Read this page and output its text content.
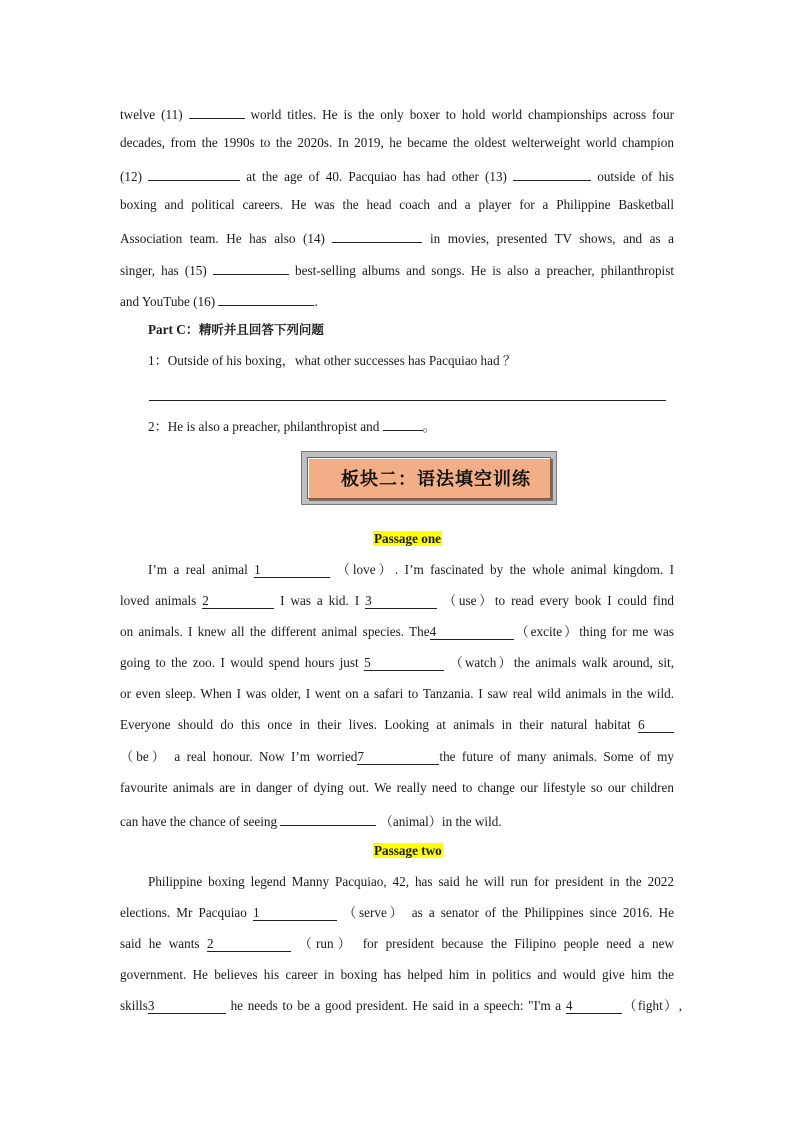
twelve (11)	world titles. He is the only boxer to hold world championships across four
decades, from the 1990s to the 2020s. In 2019, he became the oldest welterweight world champion
(12)	at the age of 40. Pacquiao has had other (13)	outside of his
boxing and political careers. He was the head coach and a player for a Philippine Basketball
Association team. He has also (14)	in movies, presented TV shows, and as a
singer, has (15)	best-selling albums and songs. He is also a preacher, philanthropist
and YouTube (16)	.
Part C：精听并且回答下列问题
1：Outside of his boxing，what other successes has Pacquiao had ？
2：He is also a preacher, philanthropist and	。
板块二：语法填空训练
Passage one
I’m a real animal 1	（love）. I’m fascinated by the whole animal kingdom. I
loved animals 2	I was a kid. I 3	（use）to read every book I could find
on animals. I knew all the different animal species. The4	（excite）thing for me was
going to the zoo. I would spend hours just 5	（watch）the animals walk around, sit,
or even sleep. When I was older, I went on a safari to Tanzania. I saw real wild animals in the wild.
Everyone should do this once in their lives. Looking at animals in their natural habitat 6
（be） a real honour. Now I’m worried7	the future of many animals. Some of my
favourite animals are in danger of dying out. We really need to change our lifestyle so our children
can have the chance of seeing	（animal）in the wild.
Passage two
Philippine boxing legend Manny Pacquiao, 42, has said he will run for president in the 2022
elections. Mr Pacquiao 1	（serve） as a senator of the Philippines since 2016. He
said he wants 2	（run） for president because the Filipino people need a new
government. He believes his career in boxing has helped him in politics and would give him the
skills3	he needs to be a good president. He said in a speech: "I'm a 4	（fight）,
